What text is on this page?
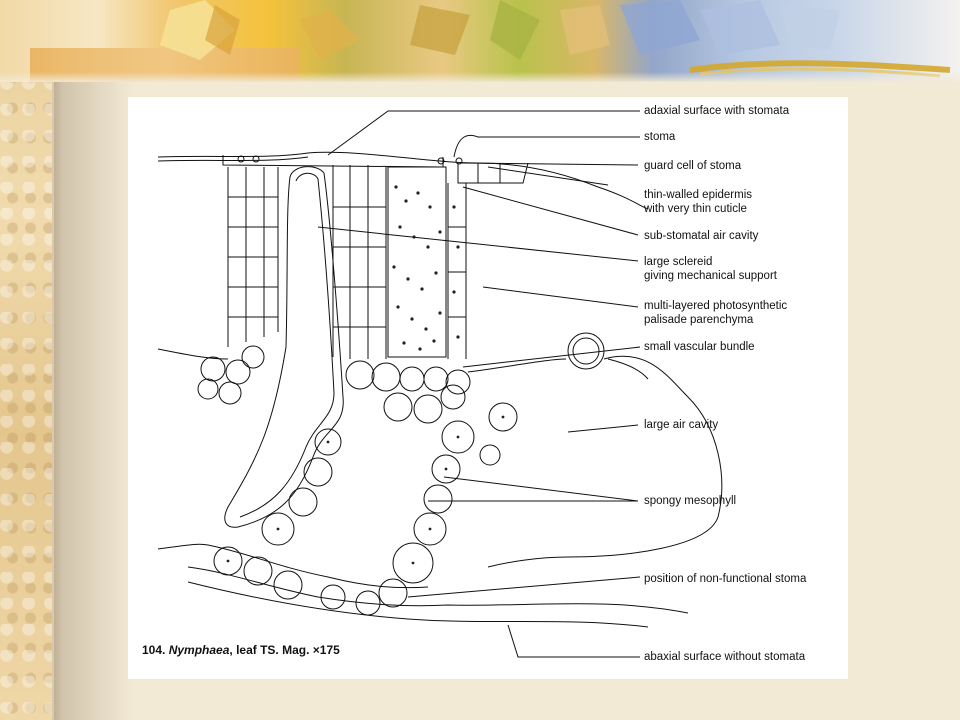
adaxial surface with stomata
stoma
guard cell of stoma
thin-walled epidermis
with very thin cuticle
sub-stomatal air cavity
large sclereid
giving mechanical support
multi-layered photosynthetic
palisade parenchyma
small vascular bundle
large air cavity
spongy mesophyll
position of non-functional stoma
abaxial surface without stomata
104. Nymphaea, leaf TS. Mag. ×175
